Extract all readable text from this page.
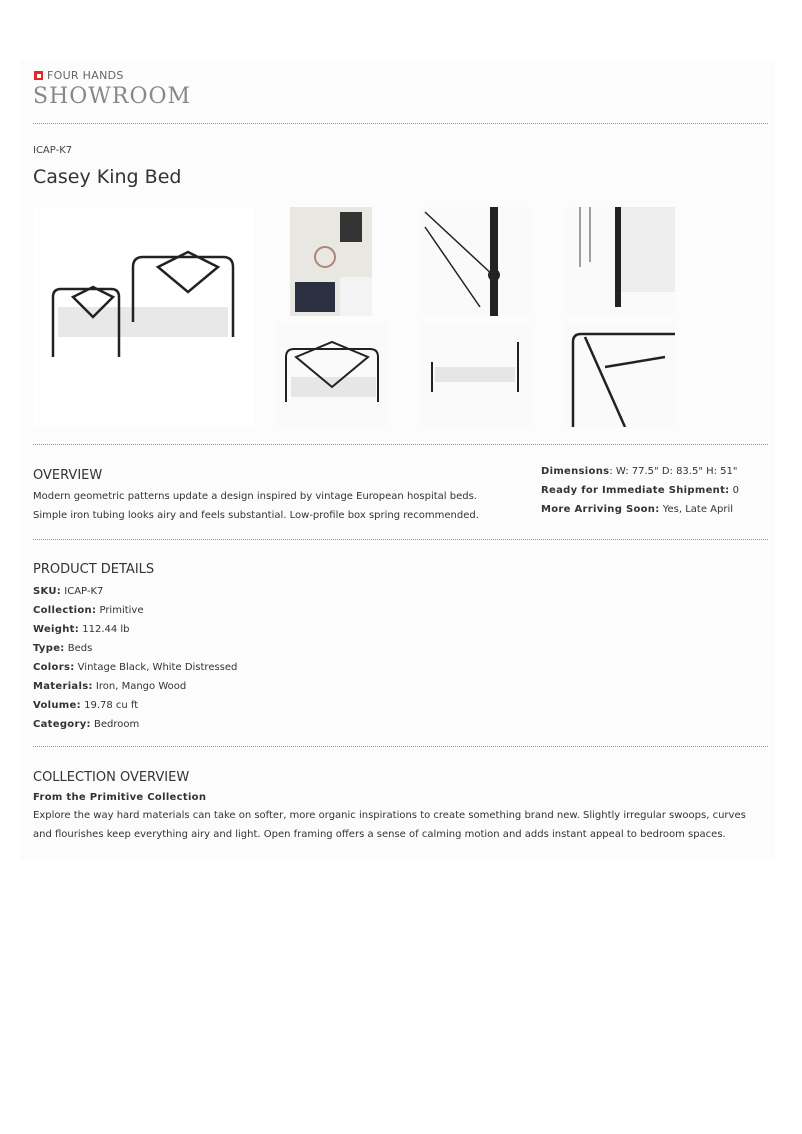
FOUR HANDS
SHOWROOM
ICAP-K7
Casey King Bed
OVERVIEW
Modern geometric patterns update a design inspired by vintage European hospital beds. Simple iron tubing looks airy and feels substantial. Low-profile box spring recommended.
Dimensions: W: 77.5" D: 83.5" H: 51"
Ready for Immediate Shipment: 0
More Arriving Soon: Yes, Late April
PRODUCT DETAILS
SKU: ICAP-K7
Collection: Primitive
Weight: 112.44 lb
Type: Beds
Colors: Vintage Black, White Distressed
Materials: Iron, Mango Wood
Volume: 19.78 cu ft
Category: Bedroom
COLLECTION OVERVIEW
From the Primitive Collection
Explore the way hard materials can take on softer, more organic inspirations to create something brand new. Slightly irregular swoops, curves and flourishes keep everything airy and light. Open framing offers a sense of calming motion and adds instant appeal to bedroom spaces.
